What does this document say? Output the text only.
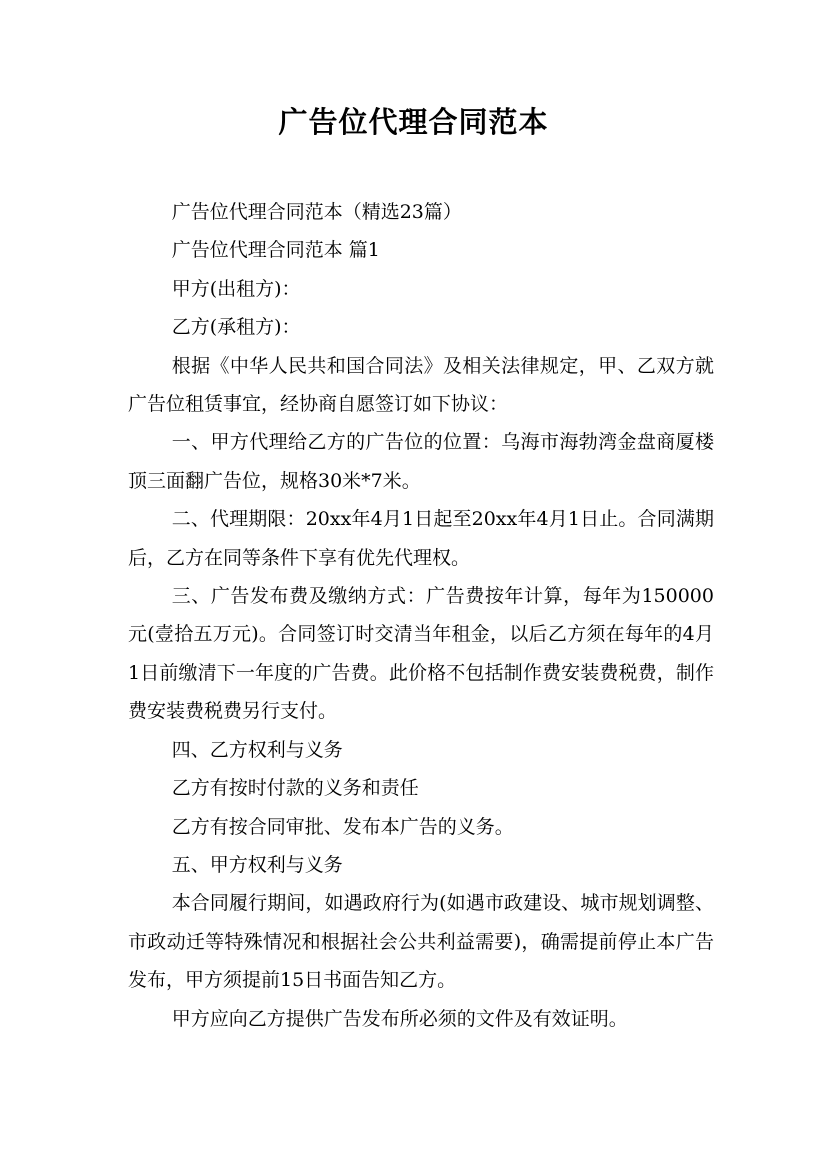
广告位代理合同范本

广告位代理合同范本（精选23篇）

广告位代理合同范本 篇1

甲方(出租方)：

乙方(承租方)：

根据《中华人民共和国合同法》及相关法律规定，甲、乙双方就广告位租赁事宜，经协商自愿签订如下协议：

一、甲方代理给乙方的广告位的位置：乌海市海勃湾金盘商厦楼顶三面翻广告位，规格30米*7米。

二、代理期限：20xx年4月1日起至20xx年4月1日止。合同满期后，乙方在同等条件下享有优先代理权。

三、广告发布费及缴纳方式：广告费按年计算，每年为150000元(壹拾五万元)。合同签订时交清当年租金，以后乙方须在每年的4月1日前缴清下一年度的广告费。此价格不包括制作费安装费税费，制作费安装费税费另行支付。

四、乙方权利与义务

乙方有按时付款的义务和责任

乙方有按合同审批、发布本广告的义务。

五、甲方权利与义务

本合同履行期间，如遇政府行为(如遇市政建设、城市规划调整、市政动迁等特殊情况和根据社会公共利益需要)，确需提前停止本广告发布，甲方须提前15日书面告知乙方。

甲方应向乙方提供广告发布所必须的文件及有效证明。
